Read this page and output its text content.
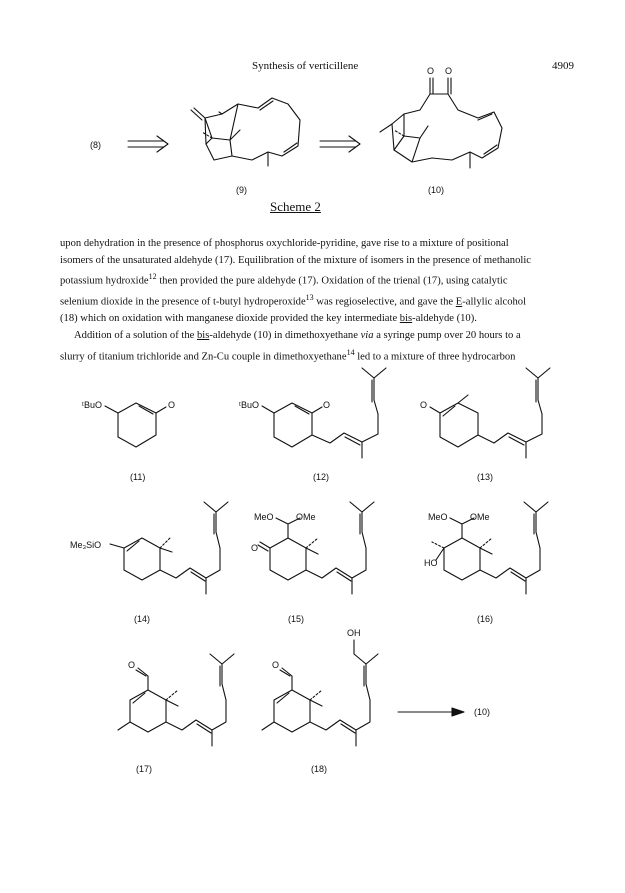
Synthesis of verticillene	4909
(8)
(9)
O O
(10)
Scheme 2

upon dehydration in the presence of phosphorus oxychloride-pyridine, gave rise to a mixture of positional

isomers of the unsaturated aldehyde (17). Equilibration of the mixture of isomers in the presence of methanolic

potassium hydroxide$^{12}$ then provided the pure aldehyde (17). Oxidation of the trienal (17), using catalytic

selenium dioxide in the presence of t-butyl hydroperoxide$^{13}$ was regioselective, and gave the E-allylic alcohol

(18) which on oxidation with manganese dioxide provided the key intermediate bis-aldehyde (10).

Addition of a solution of the bis-aldehyde (10) in dimethoxyethane via a syringe pump over 20 hours to a

slurry of titanium trichloride and Zn-Cu couple in dimethoxyethane$^{14}$ led to a mixture of three hydrocarbon

ᵗBuO	O
(11)
ᵗBuO	O
(12)
O
(13)
Me₃SiO
(14)
MeO OMe
O
(15)
MeO OMe
HO
(16)
O
(17)
O
OH
(18)
(10)
